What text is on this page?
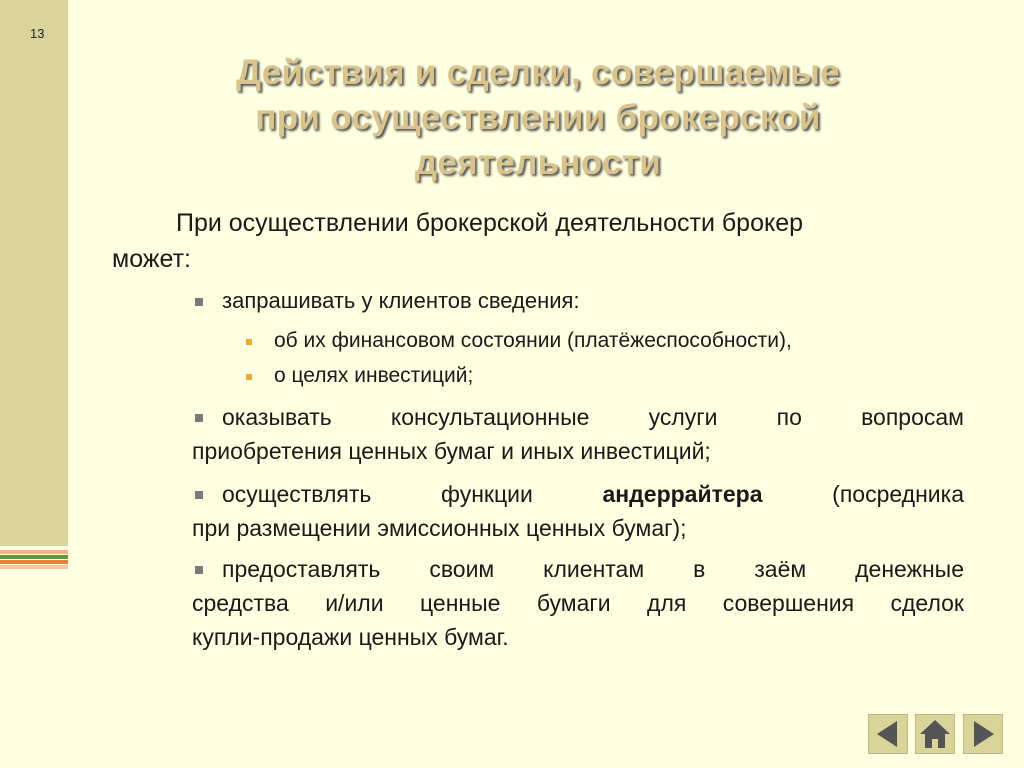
13
Действия и сделки, совершаемые
при осуществлении брокерской
деятельности
При осуществлении брокерской деятельности брокер
может:
запрашивать у клиентов сведения:
об их финансовом состоянии (платёжеспособности),
о целях инвестиций;
оказывать консультационные услуги по вопросам
приобретения ценных бумаг и иных инвестиций;
осуществлять функции андеррайтера (посредника
при размещении эмиссионных ценных бумаг);
предоставлять своим клиентам в заём денежные
средства и/или ценные бумаги для совершения сделок
купли-продажи ценных бумаг.
